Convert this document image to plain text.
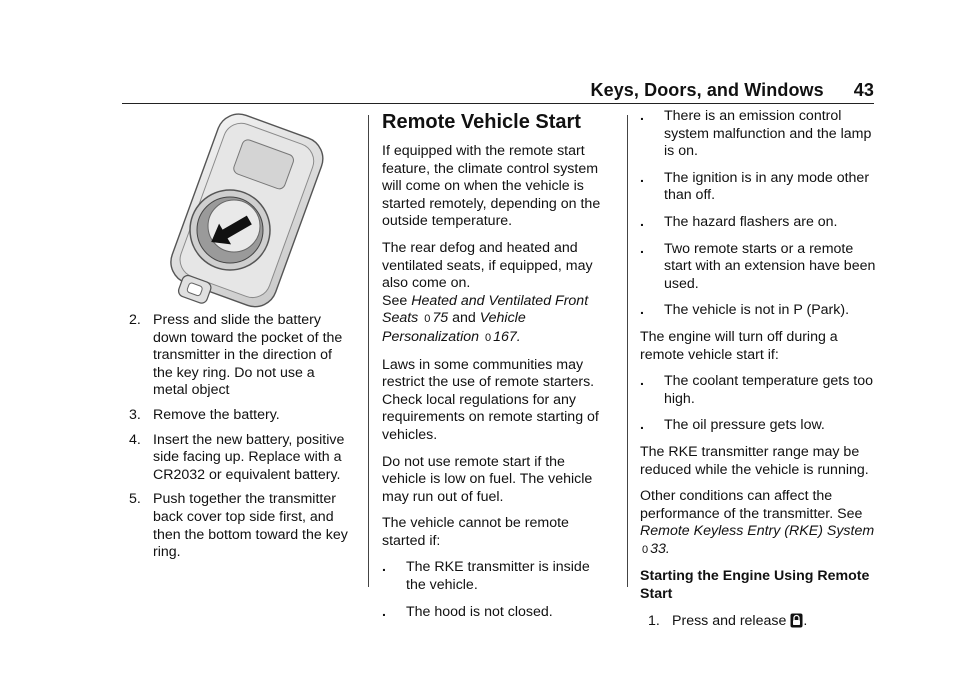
Keys, Doors, and Windows 43
2. Press and slide the battery down toward the pocket of the transmitter in the direction of the key ring. Do not use a metal object
3. Remove the battery.
4. Insert the new battery, positive side facing up. Replace with a CR2032 or equivalent battery.
5. Push together the transmitter back cover top side first, and then the bottom toward the key ring.
Remote Vehicle Start

If equipped with the remote start feature, the climate control system will come on when the vehicle is started remotely, depending on the outside temperature.

The rear defog and heated and ventilated seats, if equipped, may also come on.
See Heated and Ventilated Front Seats 0 75 and Vehicle Personalization 0 167.

Laws in some communities may restrict the use of remote starters. Check local regulations for any requirements on remote starting of vehicles.

Do not use remote start if the vehicle is low on fuel. The vehicle may run out of fuel.

The vehicle cannot be remote started if:

.	The RKE transmitter is inside the vehicle.
.	The hood is not closed.
.	There is an emission control system malfunction and the lamp is on.
.	The ignition is in any mode other than off.
.	The hazard flashers are on.
.	Two remote starts or a remote start with an extension have been used.
.	The vehicle is not in P (Park).

The engine will turn off during a remote vehicle start if:

.	The coolant temperature gets too high.
.	The oil pressure gets low.

The RKE transmitter range may be reduced while the vehicle is running.

Other conditions can affect the performance of the transmitter. See
Remote Keyless Entry (RKE) System 0 33.

Starting the Engine Using Remote Start

1. Press and release .
